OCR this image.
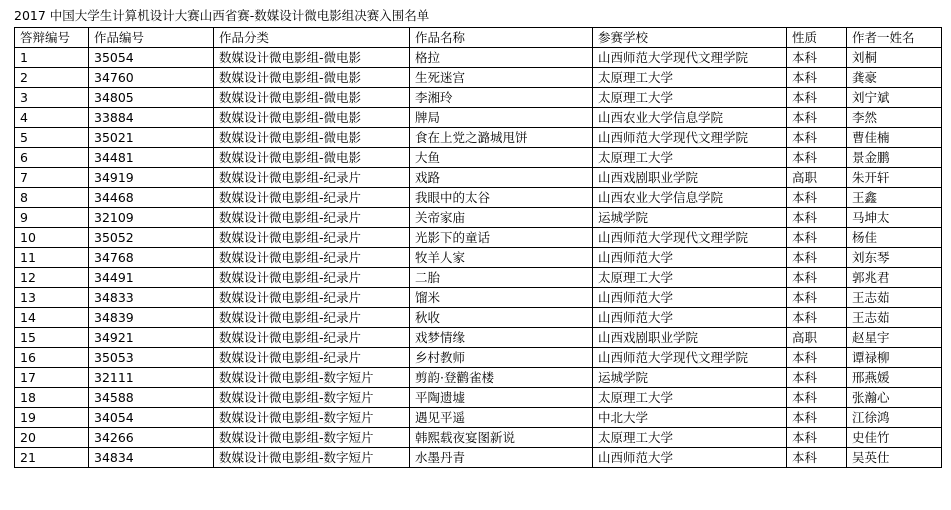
2017 中国大学生计算机设计大赛山西省赛-数媒设计微电影组决赛入围名单
答辩编号	作品编号	作品分类	作品名称	参赛学校	性质	作者一姓名
1	35054	数媒设计微电影组-微电影	格拉	山西师范大学现代文理学院	本科	刘桐
2	34760	数媒设计微电影组-微电影	生死迷宫	太原理工大学	本科	龚豪
3	34805	数媒设计微电影组-微电影	李湘玲	太原理工大学	本科	刘宁斌
4	33884	数媒设计微电影组-微电影	牌局	山西农业大学信息学院	本科	李然
5	35021	数媒设计微电影组-微电影	食在上党之潞城甩饼	山西师范大学现代文理学院	本科	曹佳楠
6	34481	数媒设计微电影组-微电影	大鱼	太原理工大学	本科	景金鹏
7	34919	数媒设计微电影组-纪录片	戏路	山西戏剧职业学院	高职	朱开轩
8	34468	数媒设计微电影组-纪录片	我眼中的太谷	山西农业大学信息学院	本科	王鑫
9	32109	数媒设计微电影组-纪录片	关帝家庙	运城学院	本科	马坤太
10	35052	数媒设计微电影组-纪录片	光影下的童话	山西师范大学现代文理学院	本科	杨佳
11	34768	数媒设计微电影组-纪录片	牧羊人家	山西师范大学	本科	刘东琴
12	34491	数媒设计微电影组-纪录片	二胎	太原理工大学	本科	郭兆君
13	34833	数媒设计微电影组-纪录片	馏米	山西师范大学	本科	王志茹
14	34839	数媒设计微电影组-纪录片	秋收	山西师范大学	本科	王志茹
15	34921	数媒设计微电影组-纪录片	戏梦情缘	山西戏剧职业学院	高职	赵星宇
16	35053	数媒设计微电影组-纪录片	乡村教师	山西师范大学现代文理学院	本科	谭禄柳
17	32111	数媒设计微电影组-数字短片	剪韵·登鹳雀楼	运城学院	本科	邢燕媛
18	34588	数媒设计微电影组-数字短片	平陶遗墟	太原理工大学	本科	张瀚心
19	34054	数媒设计微电影组-数字短片	遇见平遥	中北大学	本科	江徐鸿
20	34266	数媒设计微电影组-数字短片	韩熙载夜宴图新说	太原理工大学	本科	史佳竹
21	34834	数媒设计微电影组-数字短片	水墨丹青	山西师范大学	本科	吴英仕
